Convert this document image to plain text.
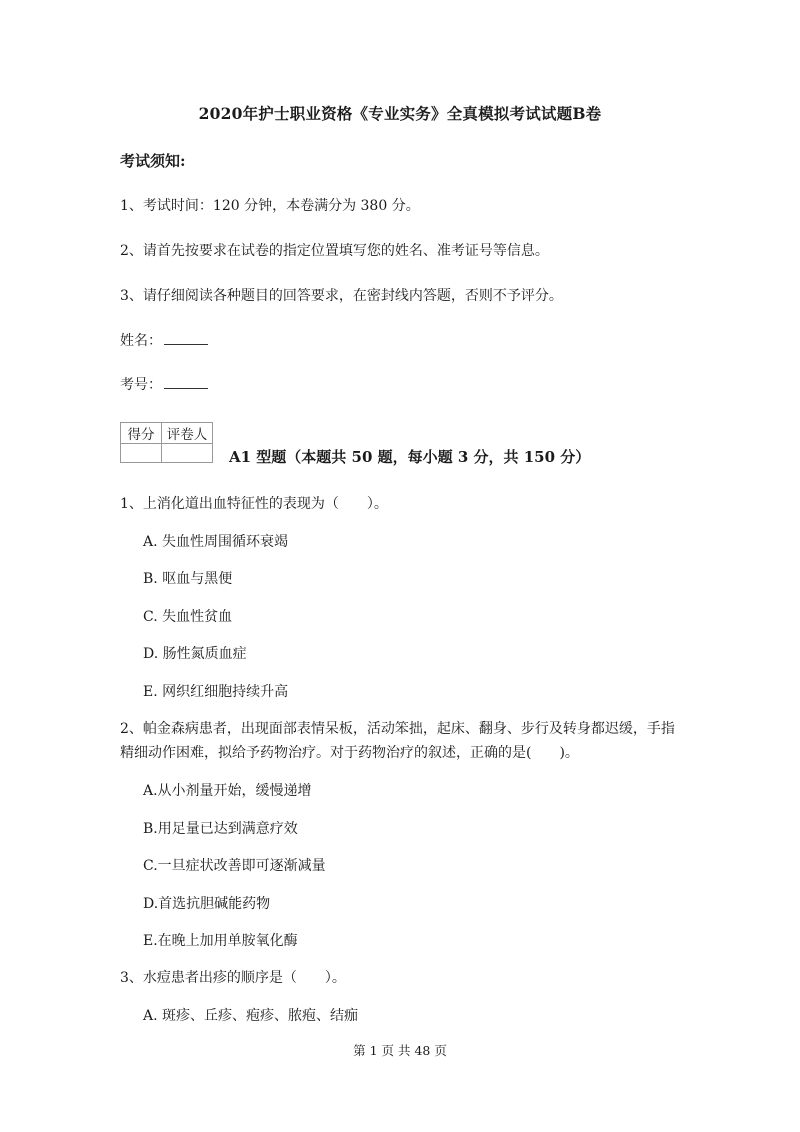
2020年护士职业资格《专业实务》全真模拟考试试题B卷
考试须知:
1、考试时间：120 分钟，本卷满分为 380 分。
2、请首先按要求在试卷的指定位置填写您的姓名、准考证号等信息。
3、请仔细阅读各种题目的回答要求，在密封线内答题，否则不予评分。
姓名：
考号：
得分	评卷人

A1 型题（本题共 50 题，每小题 3 分，共 150 分）
1、上消化道出血特征性的表现为（　　）。
A. 失血性周围循环衰竭
B. 呕血与黑便
C. 失血性贫血
D. 肠性氮质血症
E. 网织红细胞持续升高
2、帕金森病患者，出现面部表情呆板，活动笨拙，起床、翻身、步行及转身都迟缓，手指
精细动作困难，拟给予药物治疗。对于药物治疗的叙述，正确的是(　　)。
A.从小剂量开始，缓慢递增
B.用足量已达到满意疗效
C.一旦症状改善即可逐渐减量
D.首选抗胆碱能药物
E.在晚上加用单胺氧化酶
3、水痘患者出疹的顺序是（　　）。
A. 斑疹、丘疹、疱疹、脓疱、结痂
第 1 页 共 48 页
